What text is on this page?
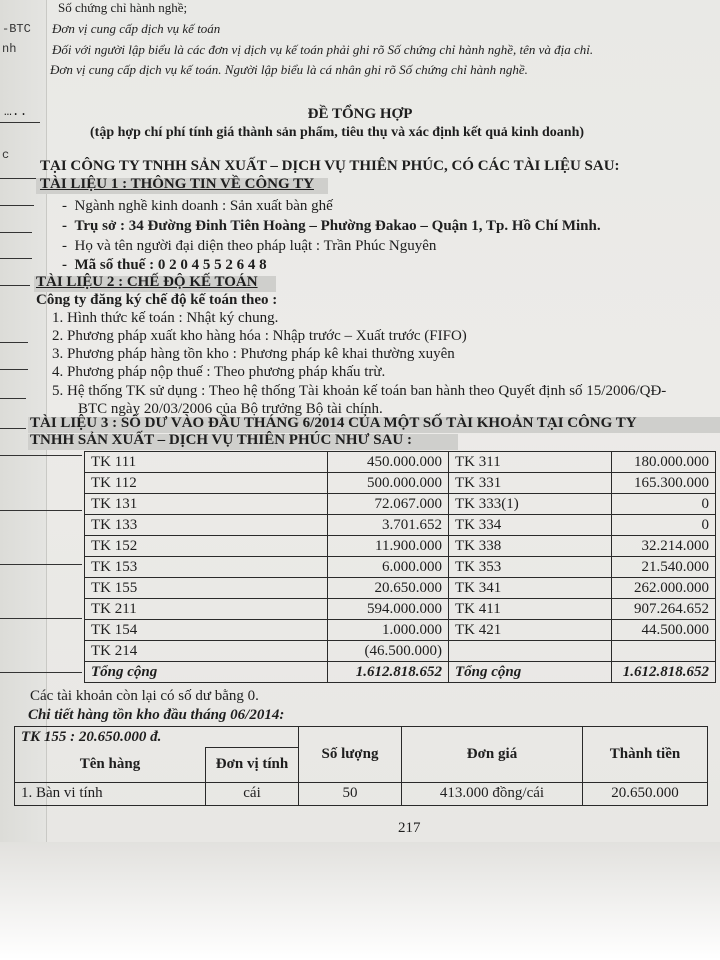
-BTC
nh
c
…..
Số chứng chỉ hành nghề;
Đơn vị cung cấp dịch vụ kế toán
Đối với người lập biểu là các đơn vị dịch vụ kế toán phải ghi rõ Số chứng chỉ hành nghề, tên và địa chỉ.
Đơn vị cung cấp dịch vụ kế toán. Người lập biểu là cá nhân ghi rõ Số chứng chỉ hành nghề.
ĐỀ TỔNG HỢP
(tập hợp chí phí tính giá thành sản phẩm, tiêu thụ và xác định kết quả kinh doanh)
TẠI CÔNG TY TNHH SẢN XUẤT – DỊCH VỤ THIÊN PHÚC, CÓ CÁC TÀI LIỆU SAU:
TÀI LIỆU 1 : THÔNG TIN VỀ CÔNG TY
-  Ngành nghề kinh doanh : Sản xuất bàn ghế
-  Trụ sở : 34 Đường Đinh Tiên Hoàng – Phường Đakao – Quận 1, Tp. Hồ Chí Minh.
-  Họ và tên người đại diện theo pháp luật : Trần Phúc Nguyên
-  Mã số thuế : 0 2 0 4 5 5 2 6 4 8
TÀI LIỆU 2 : CHẾ ĐỘ KẾ TOÁN
Công ty đăng ký chế độ kế toán theo :
1. Hình thức kế toán : Nhật ký chung.
2. Phương pháp xuất kho hàng hóa : Nhập trước – Xuất trước (FIFO)
3. Phương pháp hàng tồn kho : Phương pháp kê khai thường xuyên
4. Phương pháp nộp thuế : Theo phương pháp khấu trừ.
5. Hệ thống TK sử dụng : Theo hệ thống Tài khoản kế toán ban hành theo Quyết định số 15/2006/QĐ-
BTC ngày 20/03/2006 của Bộ trưởng Bộ tài chính.
TÀI LIỆU 3 : SỐ DƯ VÀO ĐẦU THÁNG 6/2014 CỦA MỘT SỐ TÀI KHOẢN TẠI CÔNG TY
TNHH SẢN XUẤT – DỊCH VỤ THIÊN PHÚC NHƯ SAU :
TK 111	450.000.000	TK 311	180.000.000
TK 112	500.000.000	TK 331	165.300.000
TK 131	72.067.000	TK 333(1)	0
TK 133	3.701.652	TK 334	0
TK 152	11.900.000	TK 338	32.214.000
TK 153	6.000.000	TK 353	21.540.000
TK 155	20.650.000	TK 341	262.000.000
TK 211	594.000.000	TK 411	907.264.652
TK 154	1.000.000	TK 421	44.500.000
TK 214	(46.500.000)		
Tổng cộng	1.612.818.652	Tổng cộng	1.612.818.652
Các tài khoản còn lại có số dư bằng 0.
Chi tiết hàng tồn kho đầu tháng 06/2014:
TK 155 : 20.650.000 đ.		Số lượng	Đơn giá	Thành tiền
Tên hàng	Đơn vị tính			
1. Bàn vi tính	cái	50	413.000 đồng/cái	20.650.000
217
